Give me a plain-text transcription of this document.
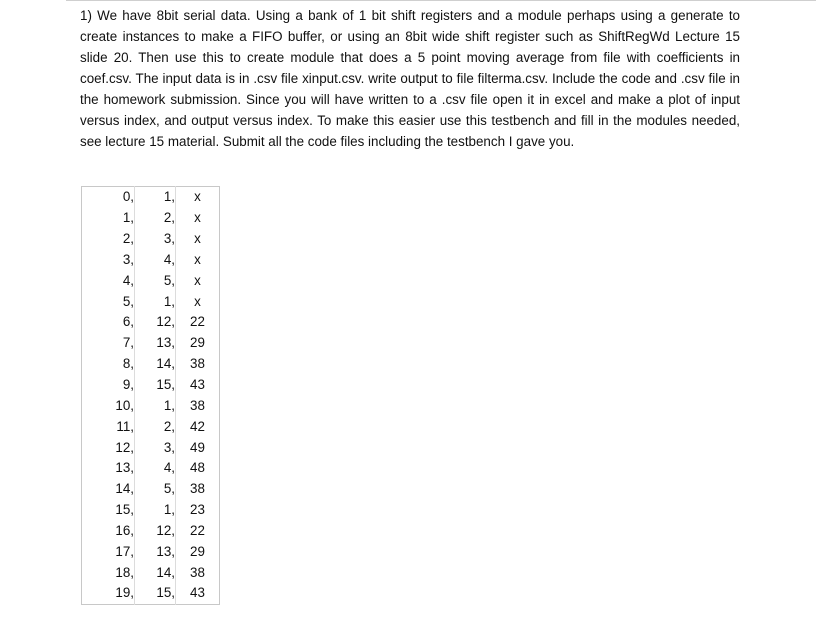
1) We have 8bit serial data. Using a bank of 1 bit shift registers and a module perhaps using a generate to create instances to make a FIFO buffer, or using an 8bit wide shift register such as ShiftRegWd Lecture 15 slide 20. Then use this to create module that does a 5 point moving average from file with coefficients in coef.csv. The input data is in .csv file xinput.csv. write output to file filterma.csv. Include the code and .csv file in the homework submission. Since you will have written to a .csv file open it in excel and make a plot of input versus index, and output versus index. To make this easier use this testbench and fill in the modules needed, see lecture 15 material. Submit all the code files including the testbench I gave you.

0,	1,	x
1,	2,	x
2,	3,	x
3,	4,	x
4,	5,	x
5,	1,	x
6,	12,	22
7,	13,	29
8,	14,	38
9,	15,	43
10,	1,	38
11,	2,	42
12,	3,	49
13,	4,	48
14,	5,	38
15,	1,	23
16,	12,	22
17,	13,	29
18,	14,	38
19,	15,	43
